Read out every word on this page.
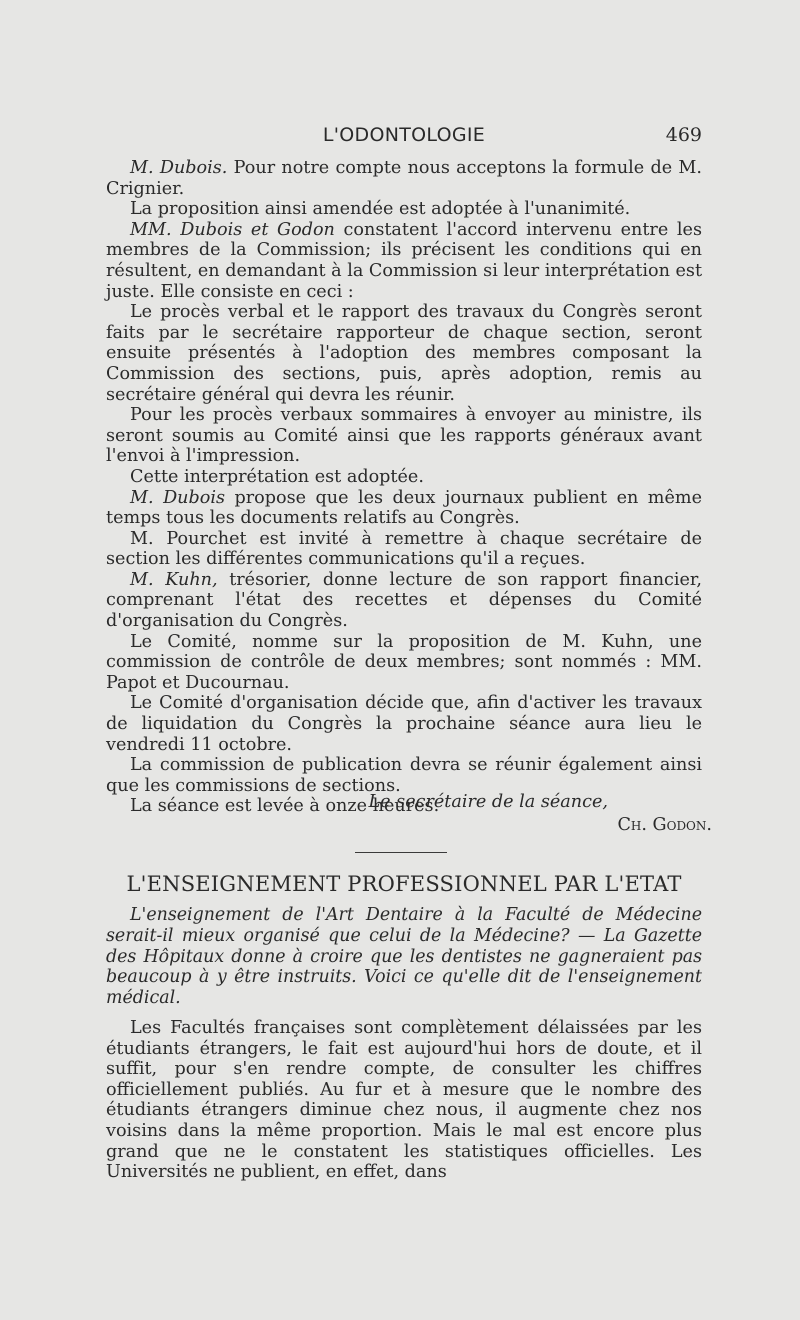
L'ODONTOLOGIE	469

M. Dubois. Pour notre compte nous acceptons la formule de M. Crignier.

La proposition ainsi amendée est adoptée à l'unanimité.

MM. Dubois et Godon constatent l'accord intervenu entre les membres de la Commission; ils précisent les conditions qui en résultent, en demandant à la Commission si leur interprétation est juste. Elle consiste en ceci :

Le procès verbal et le rapport des travaux du Congrès seront faits par le secrétaire rapporteur de chaque section, seront ensuite présentés à l'adoption des membres composant la Commission des sections, puis, après adoption, remis au secrétaire général qui devra les réunir.

Pour les procès verbaux sommaires à envoyer au ministre, ils seront soumis au Comité ainsi que les rapports généraux avant l'envoi à l'impression.

Cette interprétation est adoptée.

M. Dubois propose que les deux journaux publient en même temps tous les documents relatifs au Congrès.

M. Pourchet est invité à remettre à chaque secrétaire de section les différentes communications qu'il a reçues.

M. Kuhn, trésorier, donne lecture de son rapport financier, comprenant l'état des recettes et dépenses du Comité d'organisation du Congrès.

Le Comité, nomme sur la proposition de M. Kuhn, une commission de contrôle de deux membres; sont nommés : MM. Papot et Ducournau.

Le Comité d'organisation décide que, afin d'activer les travaux de liquidation du Congrès la prochaine séance aura lieu le vendredi 11 octobre.

La commission de publication devra se réunir également ainsi que les commissions de sections.

La séance est levée à onze heures.

Le secrétaire de la séance,
Ch. Godon.
L'ENSEIGNEMENT PROFESSIONNEL PAR L'ETAT

L'enseignement de l'Art Dentaire à la Faculté de Médecine serait-il mieux organisé que celui de la Médecine? — La Gazette des Hôpitaux donne à croire que les dentistes ne gagneraient pas beaucoup à y être instruits. Voici ce qu'elle dit de l'enseignement médical.

Les Facultés françaises sont complètement délaissées par les étudiants étrangers, le fait est aujourd'hui hors de doute, et il suffit, pour s'en rendre compte, de consulter les chiffres officiellement publiés. Au fur et à mesure que le nombre des étudiants étrangers diminue chez nous, il augmente chez nos voisins dans la même proportion. Mais le mal est encore plus grand que ne le constatent les statistiques officielles. Les Universités ne publient, en effet, dans
